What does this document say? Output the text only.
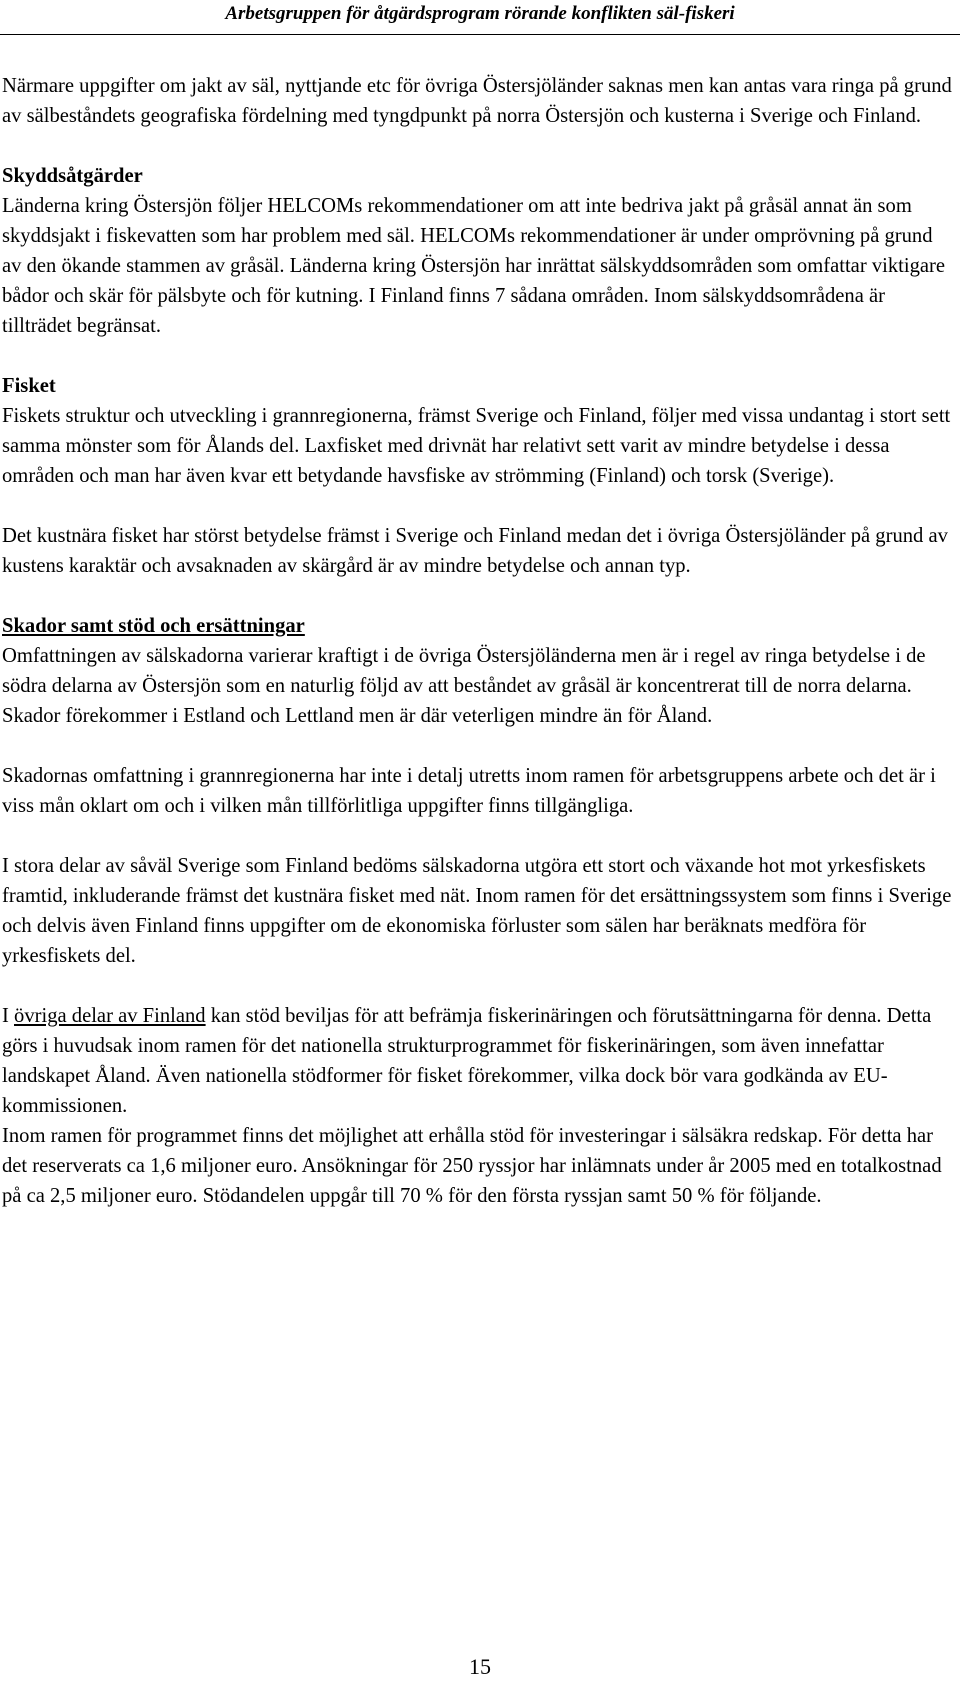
Arbetsgruppen för åtgärdsprogram rörande konflikten säl-fiskeri

Närmare uppgifter om jakt av säl, nyttjande etc för övriga Östersjöländer saknas men kan antas vara ringa på grund av sälbeståndets geografiska fördelning med tyngdpunkt på norra Östersjön och kusterna i Sverige och Finland.

Skyddsåtgärder
Länderna kring Östersjön följer HELCOMs rekommendationer om att inte bedriva jakt på gråsäl annat än som skyddsjakt i fiskevatten som har problem med säl. HELCOMs rekommendationer är under omprövning på grund av den ökande stammen av gråsäl. Länderna kring Östersjön har inrättat sälskyddsområden som omfattar viktigare bådor och skär för pälsbyte och för kutning. I Finland finns 7 sådana områden. Inom sälskyddsområdena är tillträdet begränsat.

Fisket
Fiskets struktur och utveckling i grannregionerna, främst Sverige och Finland, följer med vissa undantag i stort sett samma mönster som för Ålands del. Laxfisket med drivnät har relativt sett varit av mindre betydelse i dessa områden och man har även kvar ett betydande havsfiske av strömming (Finland) och torsk (Sverige).

Det kustnära fisket har störst betydelse främst i Sverige och Finland medan det i övriga Östersjöländer på grund av kustens karaktär och avsaknaden av skärgård är av mindre betydelse och annan typ.

Skador samt stöd och ersättningar
Omfattningen av sälskadorna varierar kraftigt i de övriga Östersjöländerna men är i regel av ringa betydelse i de södra delarna av Östersjön som en naturlig följd av att beståndet av gråsäl är koncentrerat till de norra delarna. Skador förekommer i Estland och Lettland men är där veterligen mindre än för Åland.

Skadornas omfattning i grannregionerna har inte i detalj utretts inom ramen för arbetsgruppens arbete och det är i viss mån oklart om och i vilken mån tillförlitliga uppgifter finns tillgängliga.

I stora delar av såväl Sverige som Finland bedöms sälskadorna utgöra ett stort och växande hot mot yrkesfiskets framtid, inkluderande främst det kustnära fisket med nät. Inom ramen för det ersättningssystem som finns i Sverige och delvis även Finland finns uppgifter om de ekonomiska förluster som sälen har beräknats medföra för yrkesfiskets del.

I övriga delar av Finland kan stöd beviljas för att befrämja fiskerinäringen och förutsättningarna för denna. Detta görs i huvudsak inom ramen för det nationella strukturprogrammet för fiskerinäringen, som även innefattar landskapet Åland. Även nationella stödformer för fisket förekommer, vilka dock bör vara godkända av EU-kommissionen.

Inom ramen för programmet finns det möjlighet att erhålla stöd för investeringar i sälsäkra redskap. För detta har det reserverats ca 1,6 miljoner euro. Ansökningar för 250 ryssjor har inlämnats under år 2005 med en totalkostnad på ca 2,5 miljoner euro. Stödandelen uppgår till 70 % för den första ryssjan samt 50 % för följande.

15
